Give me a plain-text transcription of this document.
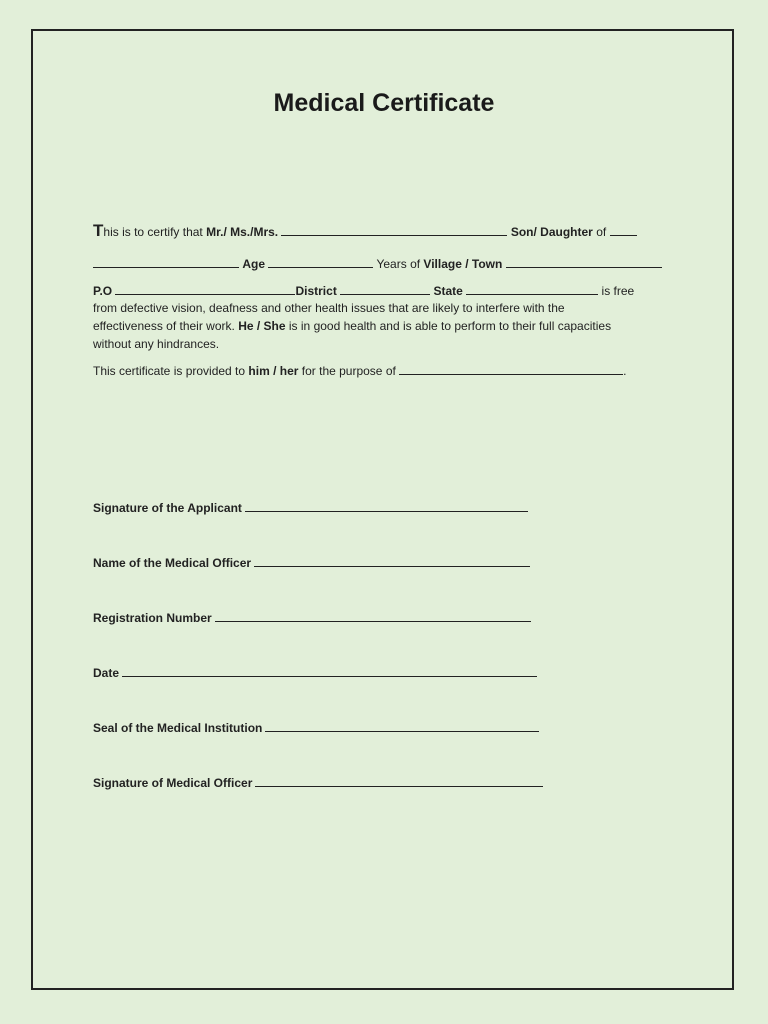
Medical Certificate
This is to certify that Mr./ Ms./Mrs.	Son/ Daughter of
Age	Years of Village / Town
P.O	District	State	is free
from defective vision, deafness and other health issues that are likely to interfere with the
effectiveness of their work. He / She is in good health and is able to perform to their full capacities
without any hindrances.
This certificate is provided to him / her for the purpose of	.
Signature of the Applicant
Name of the Medical Officer
Registration Number
Date
Seal of the Medical Institution
Signature of Medical Officer
